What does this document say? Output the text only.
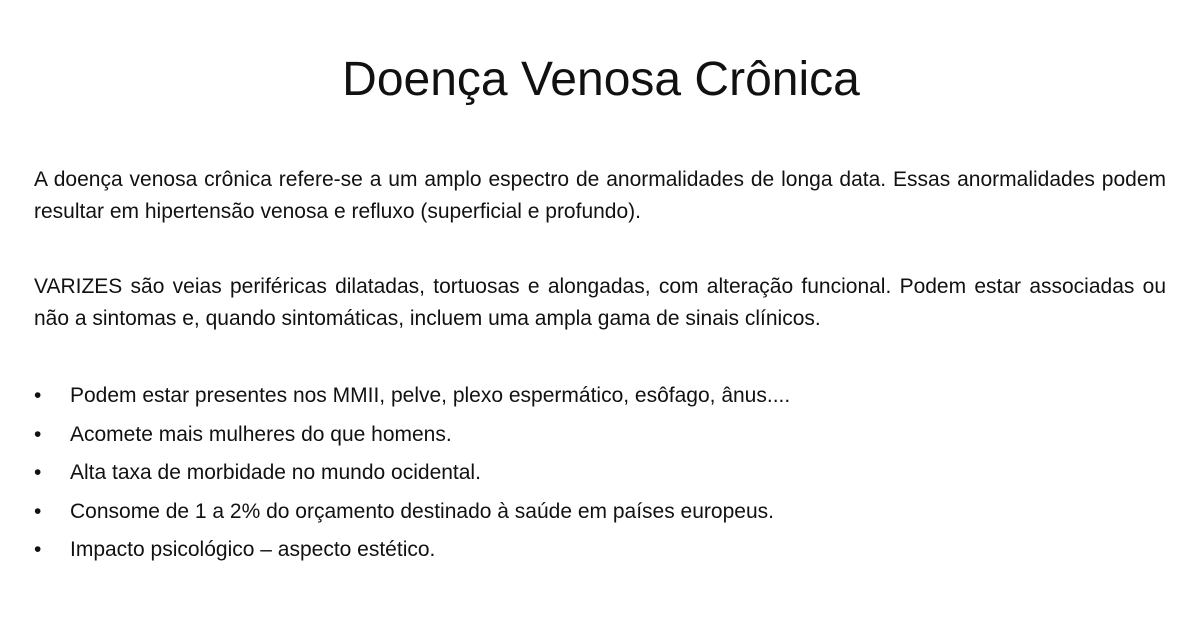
Doença Venosa Crônica

A doença venosa crônica refere-se a um amplo espectro de anormalidades de longa data. Essas anormalidades podem resultar em hipertensão venosa e refluxo (superficial e profundo).

VARIZES são veias periféricas dilatadas, tortuosas e alongadas, com alteração funcional. Podem estar associadas ou não a sintomas e, quando sintomáticas, incluem uma ampla gama de sinais clínicos.

•	Podem estar presentes nos MMII, pelve, plexo espermático, esôfago, ânus....
•	Acomete mais mulheres do que homens.
•	Alta taxa de morbidade no mundo ocidental.
•	Consome de 1 a 2% do orçamento destinado à saúde em países europeus.
•	Impacto psicológico – aspecto estético.
